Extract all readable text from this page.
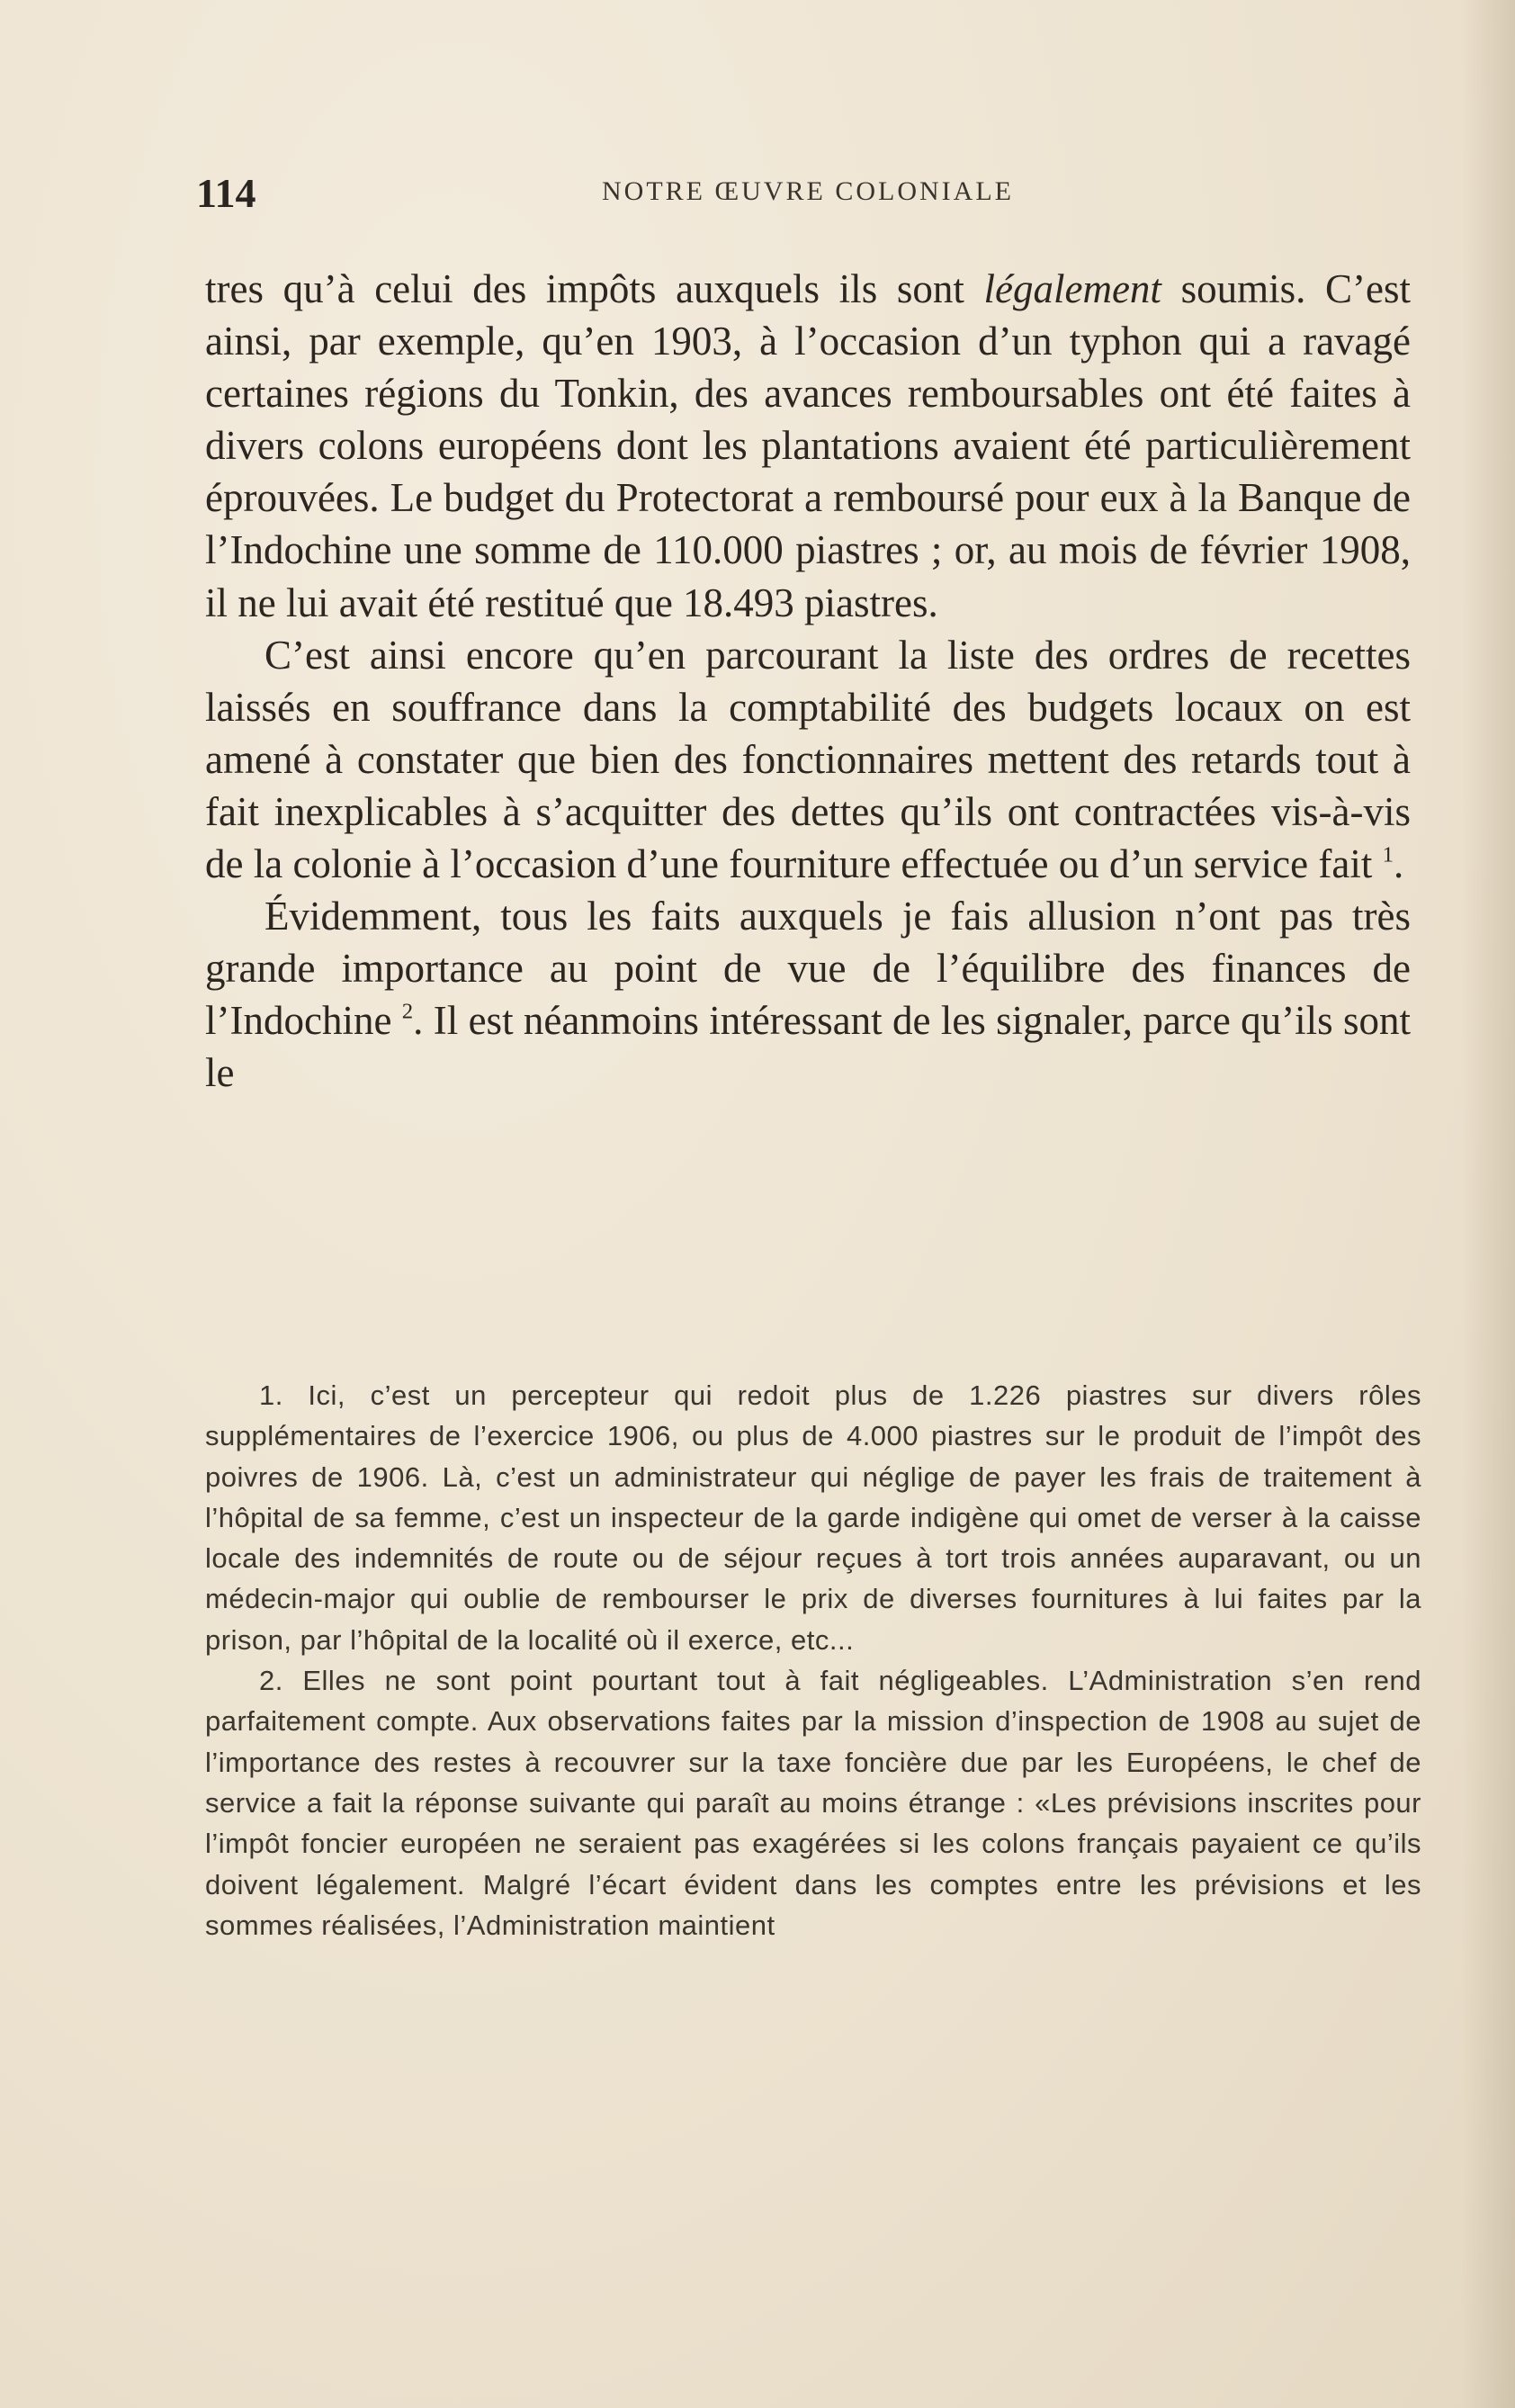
114	NOTRE ŒUVRE COLONIALE

tres qu’à celui des impôts auxquels ils sont légalement soumis. C’est ainsi, par exemple, qu’en 1903, à l’occasion d’un typhon qui a ravagé certaines régions du Tonkin, des avances remboursables ont été faites à divers colons européens dont les plantations avaient été particulièrement éprouvées. Le budget du Protectorat a remboursé pour eux à la Banque de l’Indochine une somme de 110.000 piastres ; or, au mois de février 1908, il ne lui avait été restitué que 18.493 piastres.

C’est ainsi encore qu’en parcourant la liste des ordres de recettes laissés en souffrance dans la comptabilité des budgets locaux on est amené à constater que bien des fonctionnaires mettent des retards tout à fait inexplicables à s’acquitter des dettes qu’ils ont contractées vis-à-vis de la colonie à l’occasion d’une fourniture effectuée ou d’un service fait $^1$.

Évidemment, tous les faits auxquels je fais allusion n’ont pas très grande importance au point de vue de l’équilibre des finances de l’Indochine $^2$. Il est néanmoins intéressant de les signaler, parce qu’ils sont le

1. Ici, c’est un percepteur qui redoit plus de 1.226 piastres sur divers rôles supplémentaires de l’exercice 1906, ou plus de 4.000 piastres sur le produit de l’impôt des poivres de 1906. Là, c’est un administrateur qui néglige de payer les frais de traitement à l’hôpital de sa femme, c’est un inspecteur de la garde indigène qui omet de verser à la caisse locale des indemnités de route ou de séjour reçues à tort trois années auparavant, ou un médecin-major qui oublie de rembourser le prix de diverses fournitures à lui faites par la prison, par l’hôpital de la localité où il exerce, etc...

2. Elles ne sont point pourtant tout à fait négligeables. L’Administration s’en rend parfaitement compte. Aux observations faites par la mission d’inspection de 1908 au sujet de l’importance des restes à recouvrer sur la taxe foncière due par les Européens, le chef de service a fait la réponse suivante qui paraît au moins étrange : «Les prévisions inscrites pour l’impôt foncier européen ne seraient pas exagérées si les colons français payaient ce qu’ils doivent légalement. Malgré l’écart évident dans les comptes entre les prévisions et les sommes réalisées, l’Administration maintient
